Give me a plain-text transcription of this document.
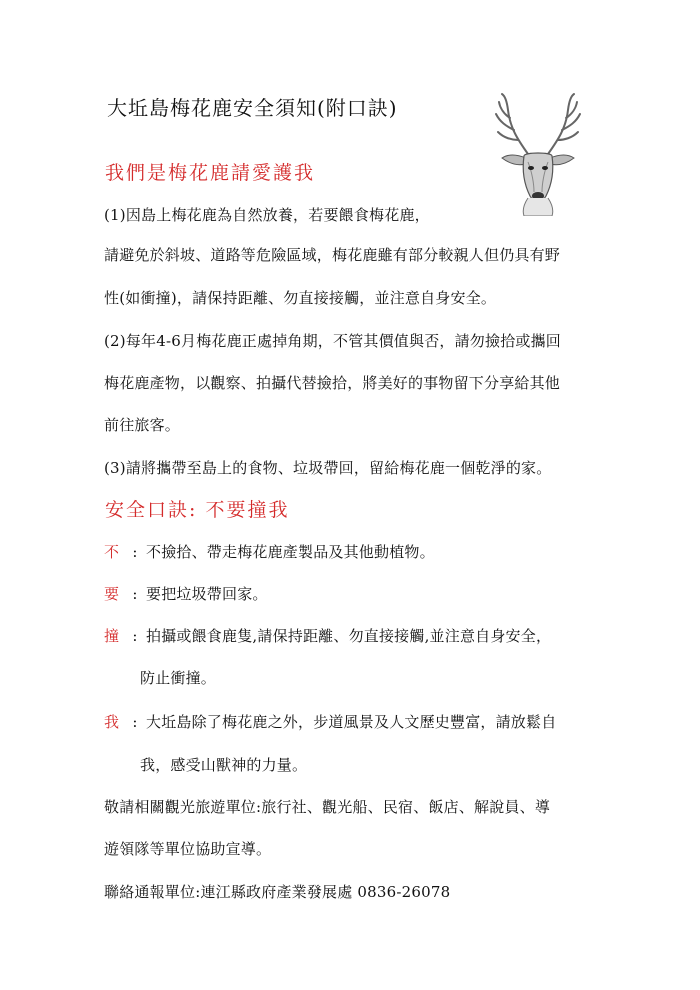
大坵島梅花鹿安全須知(附口訣)
我們是梅花鹿請愛護我
(1)因島上梅花鹿為自然放養，若要餵食梅花鹿，
請避免於斜坡、道路等危險區域，梅花鹿雖有部分較親人但仍具有野
性(如衝撞)，請保持距離、勿直接接觸，並注意自身安全。
(2)每年4-6月梅花鹿正處掉角期，不管其價值與否，請勿撿拾或攜回
梅花鹿產物，以觀察、拍攝代替撿拾，將美好的事物留下分享給其他
前往旅客。
(3)請將攜帶至島上的食物、垃圾帶回，留給梅花鹿一個乾淨的家。
安全口訣: 不要撞我
不 : 不撿拾、帶走梅花鹿產製品及其他動植物。
要 : 要把垃圾帶回家。
撞 : 拍攝或餵食鹿隻,請保持距離、勿直接接觸,並注意自身安全，
防止衝撞。
我 : 大坵島除了梅花鹿之外，步道風景及人文歷史豐富，請放鬆自
我，感受山獸神的力量。
敬請相關觀光旅遊單位:旅行社、觀光船、民宿、飯店、解說員、導
遊領隊等單位協助宣導。
聯絡通報單位:連江縣政府產業發展處 0836-26078
